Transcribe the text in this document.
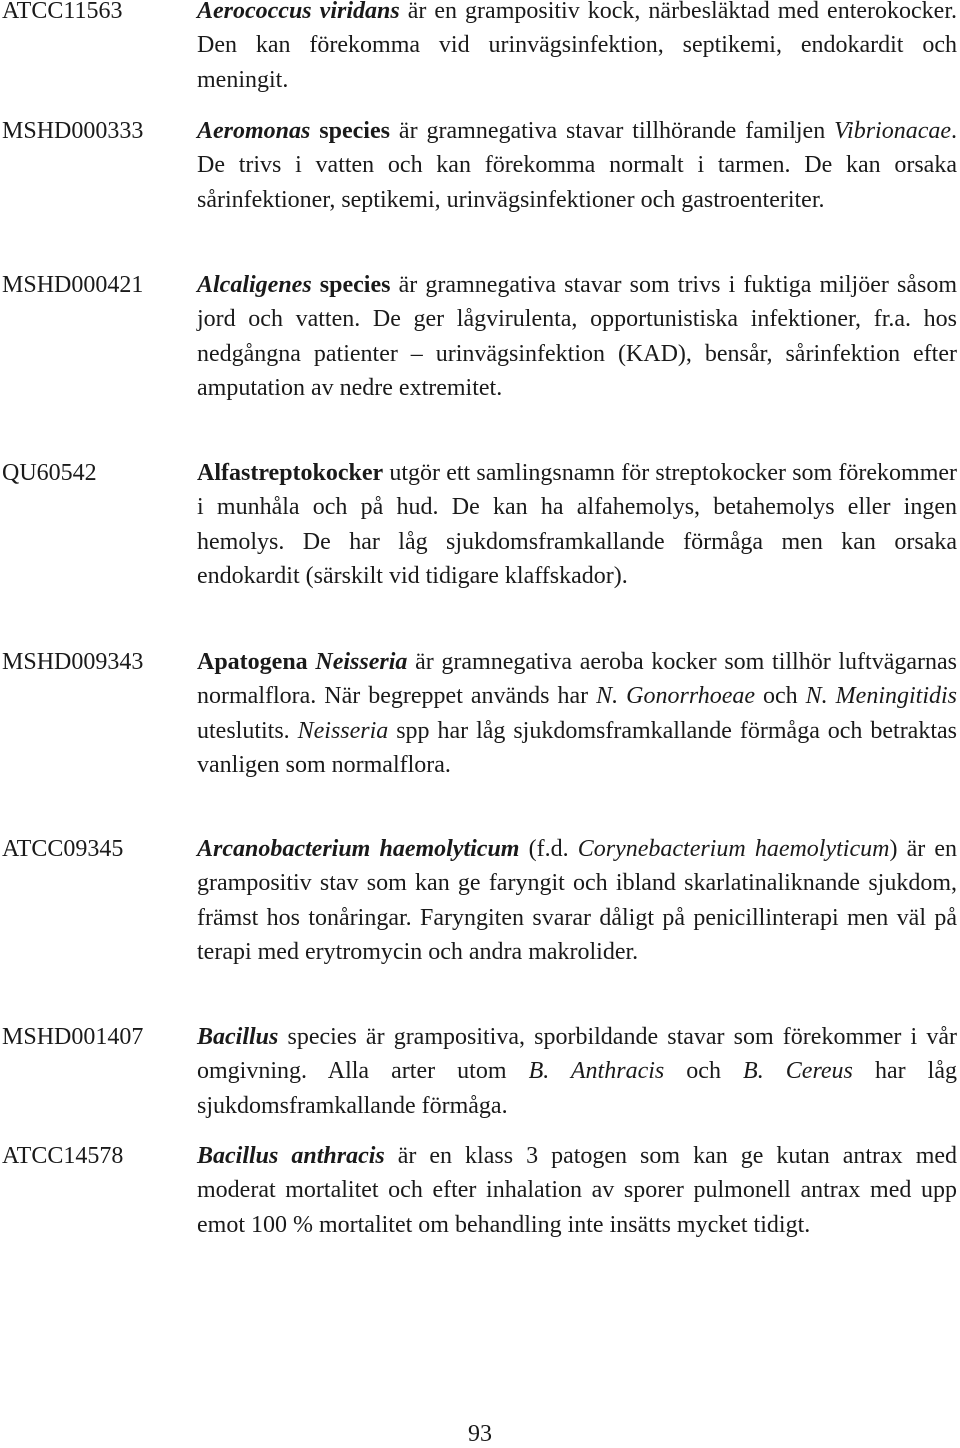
ATCC11563	Aerococcus viridans är en grampositiv kock, närbesläktad med enterokocker. Den kan förekomma vid urinvägsinfektion, septikemi, endokardit och meningit.
MSHD000333 Aeromonas species är gramnegativa stavar tillhörande familjen Vibrionacae. De trivs i vatten och kan förekomma normalt i tarmen. De kan orsaka sårinfektioner, septikemi, urinvägsinfektioner och gastroenteriter.
MSHD000421 Alcaligenes species är gramnegativa stavar som trivs i fuktiga miljöer såsom jord och vatten. De ger lågvirulenta, opportunistiska infektioner, fr.a. hos nedgångna patienter – urinvägsinfektion (KAD), bensår, sårinfektion efter amputation av nedre extremitet.
QU60542	Alfastreptokocker utgör ett samlingsnamn för streptokocker som förekommer i munhåla och på hud. De kan ha alfahemolys, betahemolys eller ingen hemolys. De har låg sjukdomsframkallande förmåga men kan orsaka endokardit (särskilt vid tidigare klaffskador).
MSHD009343 Apatogena Neisseria är gramnegativa aeroba kocker som tillhör luftvägarnas normalflora. När begreppet används har N. Gonorrhoeae och N. Meningitidis uteslutits. Neisseria spp har låg sjukdomsframkallande förmåga och betraktas vanligen som normalflora.
ATCC09345	Arcanobacterium haemolyticum (f.d. Corynebacterium haemolyticum) är en grampositiv stav som kan ge faryngit och ibland skarlatinaliknande sjukdom, främst hos tonåringar. Faryngiten svarar dåligt på penicillinterapi men väl på terapi med erytromycin och andra makrolider.
MSHD001407 Bacillus species är grampositiva, sporbildande stavar som förekommer i vår omgivning. Alla arter utom B. Anthracis och B. Cereus har låg sjukdomsframkallande förmåga.
ATCC14578	Bacillus anthracis är en klass 3 patogen som kan ge kutan antrax med moderat mortalitet och efter inhalation av sporer pulmonell antrax med upp emot 100 % mortalitet om behandling inte insätts mycket tidigt.
93
